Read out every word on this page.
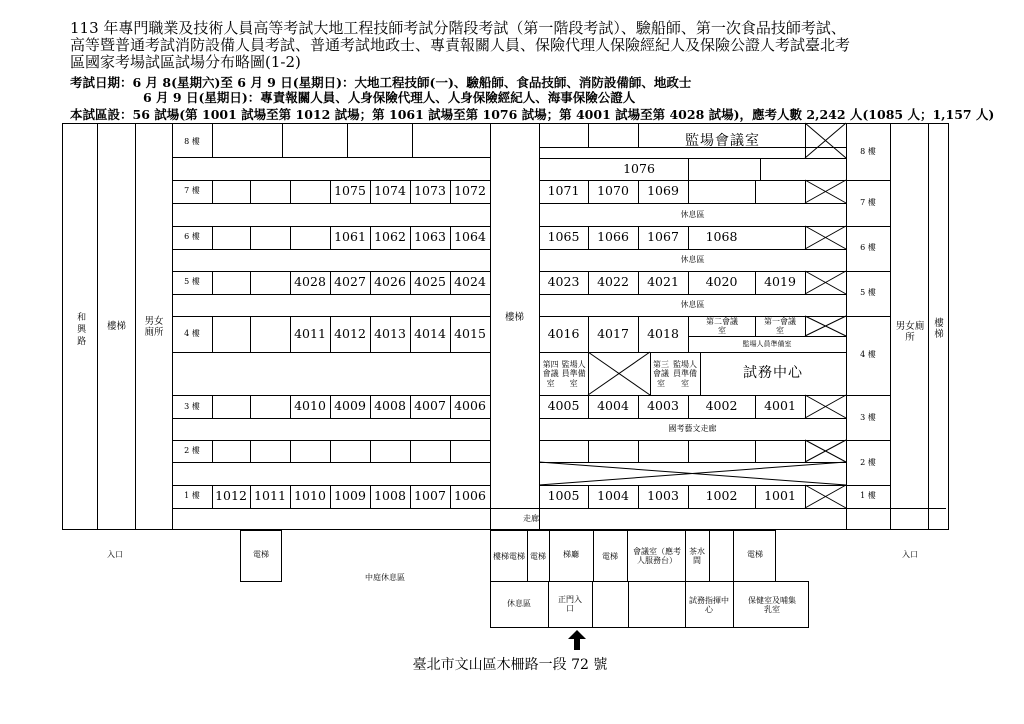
113 年專門職業及技術人員高等考試大地工程技師考試分階段考試（第一階段考試）、驗船師、第一次食品技師考試、
高等暨普通考試消防設備人員考試、普通考試地政士、專責報關人員、保險代理人保險經紀人及保險公證人考試臺北考
區國家考場試區試場分布略圖(1-2)
考試日期：6 月 8(星期六)至 6 月 9 日(星期日)：大地工程技師(一)、驗船師、食品技師、消防設備師、地政士
6 月 9 日(星期日)：專責報關人員、人身保險代理人、人身保險經紀人、海事保險公證人
本試區設：56 試場(第 1001 試場至第 1012 試場；第 1061 試場至第 1076 試場；第 4001 試場至第 4028 試場)，應考人數 2,242 人(1085 人；1,157 人)
和興路	樓梯	男女廁所
樓梯
男女廁所
樓梯
8 樓
7 樓
6 樓
5 樓
4 樓
3 樓
2 樓
1 樓
1075 1074 1073 1072
1061 1062 1063 1064
4028 4027 4026 4025 4024
4011 4012 4013 4014 4015
4010 4009 4008 4007 4006
1012 1011 1010 1009 1008 1007 1006
走廊
8 樓
7 樓
6 樓
5 樓
4 樓
3 樓
2 樓
1 樓
監場會議室
1076
1071	1070	1069
休息區
1065	1066	1067	1068
休息區
4023	4022	4021	4020	4019
休息區
4016	4017	4018
第二會議室
第一會議室
監場人員準備室
第四會議室

監場人員準備室
第三會議室

監場人員準備室
試務中心
4005	4004	4003	4002	4001
國考藝文走廊
1005	1004	1003	1002	1001
入口	入口
電梯
中庭休息區
樓梯電梯 電梯	梯廳	電梯
會議室（應考人服務台）
茶水間
電梯
休息區
正門入口
試務指揮中心
保健室及哺集乳室
臺北市文山區木柵路一段 72 號
